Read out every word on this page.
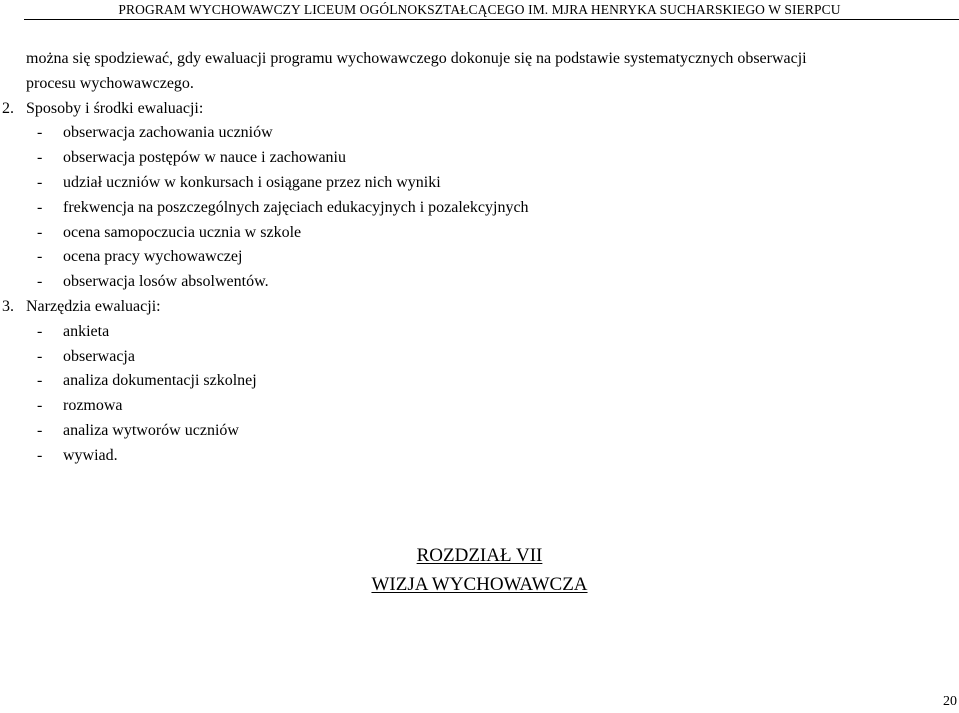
PROGRAM WYCHOWAWCZY LICEUM OGÓLNOKSZTAŁCĄCEGO IM. MJRA HENRYKA SUCHARSKIEGO W SIERPCU
można się spodziewać, gdy ewaluacji programu wychowawczego dokonuje się na podstawie systematycznych obserwacji
procesu wychowawczego.
2. Sposoby i środki ewaluacji:
- obserwacja zachowania uczniów
- obserwacja postępów w nauce i zachowaniu
- udział uczniów w konkursach i osiągane przez nich wyniki
- frekwencja na poszczególnych zajęciach edukacyjnych i pozalekcyjnych
- ocena samopoczucia ucznia w szkole
- ocena pracy wychowawczej
- obserwacja losów absolwentów.
3. Narzędzia ewaluacji:
- ankieta
- obserwacja
- analiza dokumentacji szkolnej
- rozmowa
- analiza wytworów uczniów
- wywiad.
ROZDZIAŁ VII
WIZJA WYCHOWAWCZA
20
